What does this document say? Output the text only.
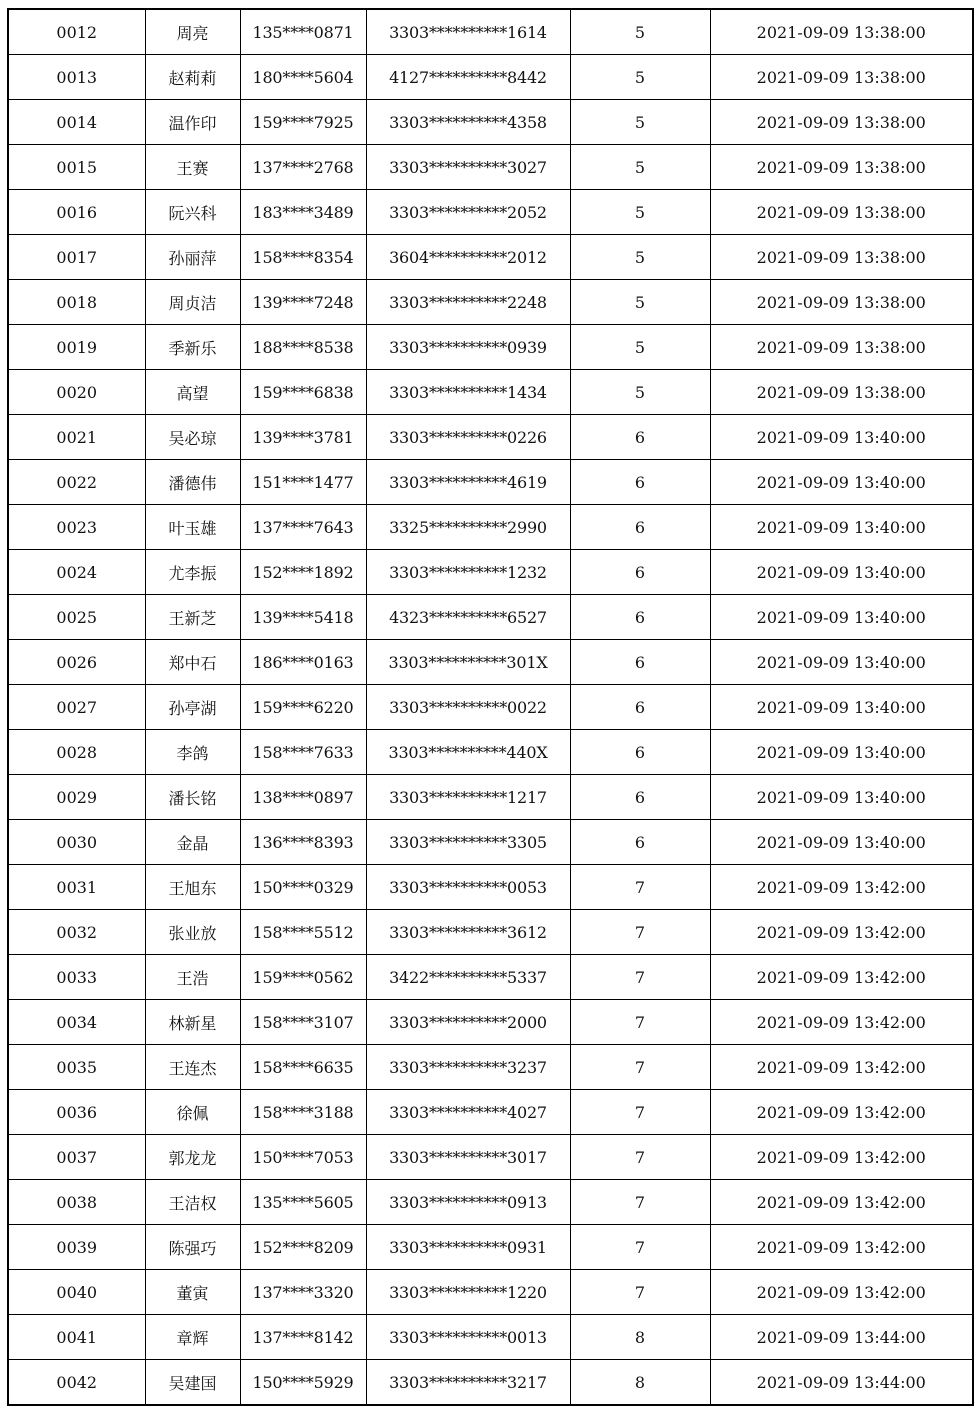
0012	周亮	135****0871	3303**********1614	5	2021-09-09 13:38:00
0013	赵莉莉	180****5604	4127**********8442	5	2021-09-09 13:38:00
0014	温作印	159****7925	3303**********4358	5	2021-09-09 13:38:00
0015	王赛	137****2768	3303**********3027	5	2021-09-09 13:38:00
0016	阮兴科	183****3489	3303**********2052	5	2021-09-09 13:38:00
0017	孙丽萍	158****8354	3604**********2012	5	2021-09-09 13:38:00
0018	周贞洁	139****7248	3303**********2248	5	2021-09-09 13:38:00
0019	季新乐	188****8538	3303**********0939	5	2021-09-09 13:38:00
0020	高望	159****6838	3303**********1434	5	2021-09-09 13:38:00
0021	吴必琼	139****3781	3303**********0226	6	2021-09-09 13:40:00
0022	潘德伟	151****1477	3303**********4619	6	2021-09-09 13:40:00
0023	叶玉雄	137****7643	3325**********2990	6	2021-09-09 13:40:00
0024	尤李振	152****1892	3303**********1232	6	2021-09-09 13:40:00
0025	王新芝	139****5418	4323**********6527	6	2021-09-09 13:40:00
0026	郑中石	186****0163	3303**********301X	6	2021-09-09 13:40:00
0027	孙亭湖	159****6220	3303**********0022	6	2021-09-09 13:40:00
0028	李鸽	158****7633	3303**********440X	6	2021-09-09 13:40:00
0029	潘长铭	138****0897	3303**********1217	6	2021-09-09 13:40:00
0030	金晶	136****8393	3303**********3305	6	2021-09-09 13:40:00
0031	王旭东	150****0329	3303**********0053	7	2021-09-09 13:42:00
0032	张业放	158****5512	3303**********3612	7	2021-09-09 13:42:00
0033	王浩	159****0562	3422**********5337	7	2021-09-09 13:42:00
0034	林新星	158****3107	3303**********2000	7	2021-09-09 13:42:00
0035	王连杰	158****6635	3303**********3237	7	2021-09-09 13:42:00
0036	徐佩	158****3188	3303**********4027	7	2021-09-09 13:42:00
0037	郭龙龙	150****7053	3303**********3017	7	2021-09-09 13:42:00
0038	王洁权	135****5605	3303**********0913	7	2021-09-09 13:42:00
0039	陈强巧	152****8209	3303**********0931	7	2021-09-09 13:42:00
0040	董寅	137****3320	3303**********1220	7	2021-09-09 13:42:00
0041	章辉	137****8142	3303**********0013	8	2021-09-09 13:44:00
0042	吴建国	150****5929	3303**********3217	8	2021-09-09 13:44:00
